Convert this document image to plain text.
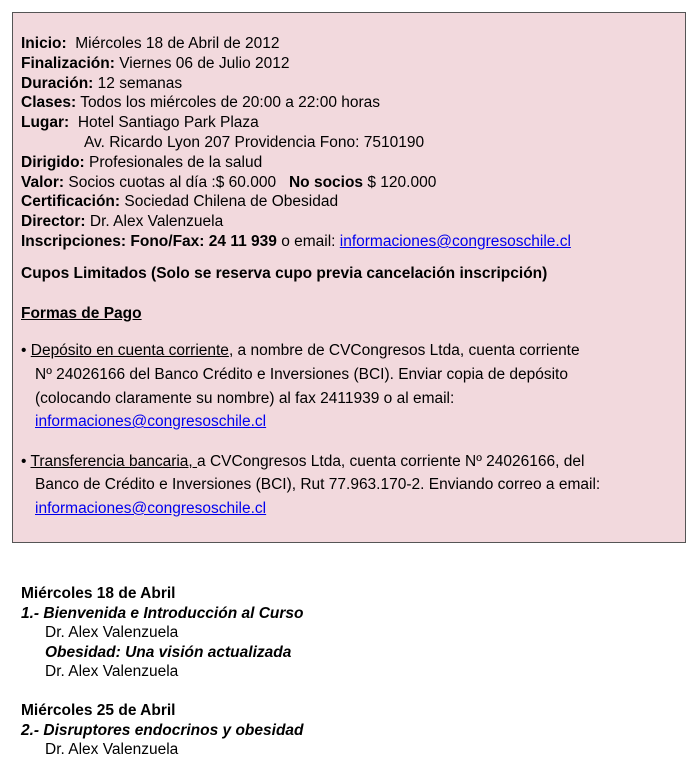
Inicio: Miércoles 18 de Abril de 2012
Finalización: Viernes 06 de Julio 2012
Duración: 12 semanas
Clases: Todos los miércoles de 20:00 a 22:00 horas
Lugar: Hotel Santiago Park Plaza
Av. Ricardo Lyon 207 Providencia Fono: 7510190
Dirigido: Profesionales de la salud
Valor: Socios cuotas al día :$ 60.000 No socios $ 120.000
Certificación: Sociedad Chilena de Obesidad
Director: Dr. Alex Valenzuela
Inscripciones: Fono/Fax: 24 11 939 o email: informaciones@congresoschile.cl
Cupos Limitados (Solo se reserva cupo previa cancelación inscripción)
Formas de Pago
• Depósito en cuenta corriente, a nombre de CVCongresos Ltda, cuenta corriente
Nº 24026166 del Banco Crédito e Inversiones (BCI). Enviar copia de depósito
(colocando claramente su nombre) al fax 2411939 o al email:
informaciones@congresoschile.cl
• Transferencia bancaria, a CVCongresos Ltda, cuenta corriente Nº 24026166, del
Banco de Crédito e Inversiones (BCI), Rut 77.963.170-2. Enviando correo a email:
informaciones@congresoschile.cl
Miércoles 18 de Abril
1.- Bienvenida e Introducción al Curso
Dr. Alex Valenzuela
Obesidad: Una visión actualizada
Dr. Alex Valenzuela
Miércoles 25 de Abril
2.- Disruptores endocrinos y obesidad
Dr. Alex Valenzuela
